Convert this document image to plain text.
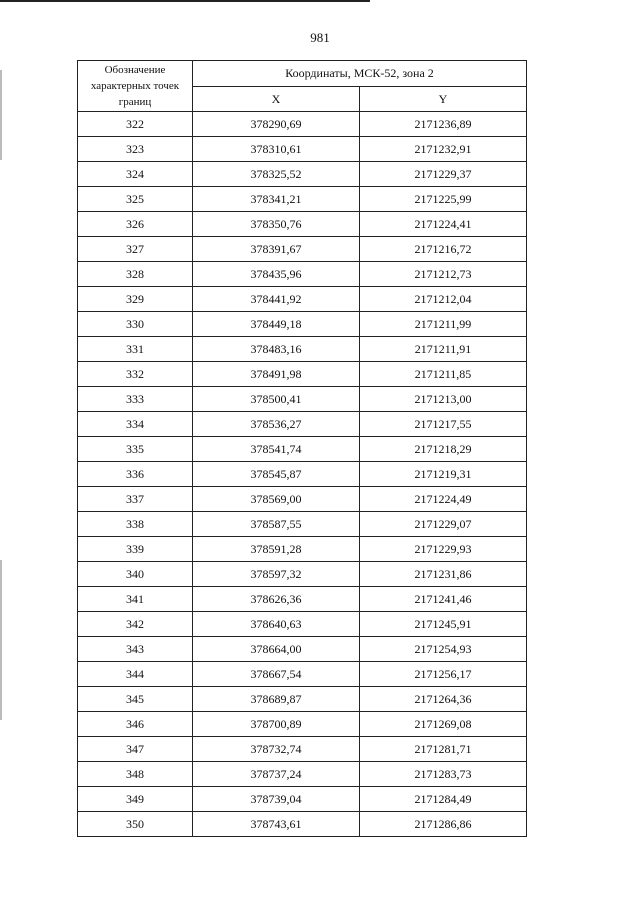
981
Обозначение характерных точек границ	Координаты, МСК-52, зона 2	
	X	Y
322	378290,69	2171236,89
323	378310,61	2171232,91
324	378325,52	2171229,37
325	378341,21	2171225,99
326	378350,76	2171224,41
327	378391,67	2171216,72
328	378435,96	2171212,73
329	378441,92	2171212,04
330	378449,18	2171211,99
331	378483,16	2171211,91
332	378491,98	2171211,85
333	378500,41	2171213,00
334	378536,27	2171217,55
335	378541,74	2171218,29
336	378545,87	2171219,31
337	378569,00	2171224,49
338	378587,55	2171229,07
339	378591,28	2171229,93
340	378597,32	2171231,86
341	378626,36	2171241,46
342	378640,63	2171245,91
343	378664,00	2171254,93
344	378667,54	2171256,17
345	378689,87	2171264,36
346	378700,89	2171269,08
347	378732,74	2171281,71
348	378737,24	2171283,73
349	378739,04	2171284,49
350	378743,61	2171286,86
